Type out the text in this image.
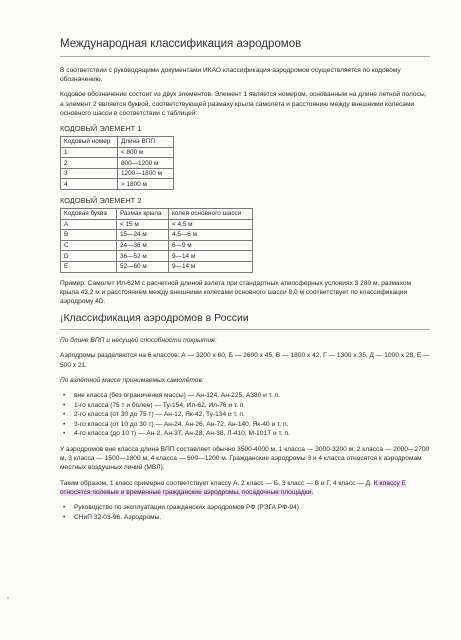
Международная классификация аэродромов

В соответствии с руководящими документами ИКАО классификация аэродромов осуществляется по кодовому обозначению.

Кодовое обозначение состоит из двух элементов. Элемент 1 является номером, основанным на длине летной полосы, а элемент 2 является буквой, соответствующей размаху крыла самолета и расстоянию между внешними колесами основного шасси в соответствии с таблицей:

КОДОВЫЙ ЭЛЕМЕНТ 1
Кодовый номер	Длина ВПП
1	< 800 м
2	800—1200 м
3	1200—1800 м
4	> 1800 м
КОДОВЫЙ ЭЛЕМЕНТ 2
Кодовая буква	Размах крыла	колея основного шасси
A	< 15 м	< 4,5 м
B	15—24 м	4,5—6 м
C	24—36 м	6—9 м
D	36—52 м	9—14 м
E	52—60 м	9—14 м

Пример: Самолет Ил-62М с расчетной длиной взлета при стандартных атмосферных условиях 3 280 м, размахом крыла 43,2 м и расстоянием между внешними колесами основного шасси 8,0 м соответствует по классификации аэродрому 4D.

¡Классификация аэродромов в России

По длине ВПП и несущей способности покрытия:

Аэродромы разделяются на 6 классов: А — 3200 х 60, Б — 2600 х 45, В — 1800 х 42, Г — 1300 х 35, Д — 1000 х 28, Е — 500 х 21.

По взлётной массе принимаемых самолётов:

• вне класса (без ограничения массы) — Ан-124, Ан-225, А380 и т. п.
• 1-го класса (75 т и более) — Ту-154, Ил-62, Ил-76 и т. п.
• 2-го класса (от 30 до 75 т) — Ан-12, Як-42, Ту-134 и т. п.
• 3-го класса (от 10 до 30 т) — Ан-24, Ан-26, Ан-72, Ан-140, Як-40 и т. п.
• 4-го класса (до 10 т) — Ан-2, Ан-3Т, Ан-28, Ан-38, Л-410, М-101Т и т. п.

У аэродромов вне класса длина ВПП составляет обычно 3500-4000 м, 1 класса — 3000-3200 м, 2 класса — 2000—2700 м, 3 класса — 1500—1800 м, 4 класса — 600—1200 м. Гражданские аэродромы 3 и 4 класса относятся к аэродромам местных воздушных линий (МВЛ).

Таким образом, 1 класс примерно соответствует классу А, 2 класс — Б, 3 класс — В и Г, 4 класс — Д. К классу Е относятся полевые и временные гражданские аэродромы, посадочные площадки.

• Руководство по эксплуатации гражданских аэродромов РФ (РЭГА РФ-94)
• СНиП 32-03-96. Аэродромы.
